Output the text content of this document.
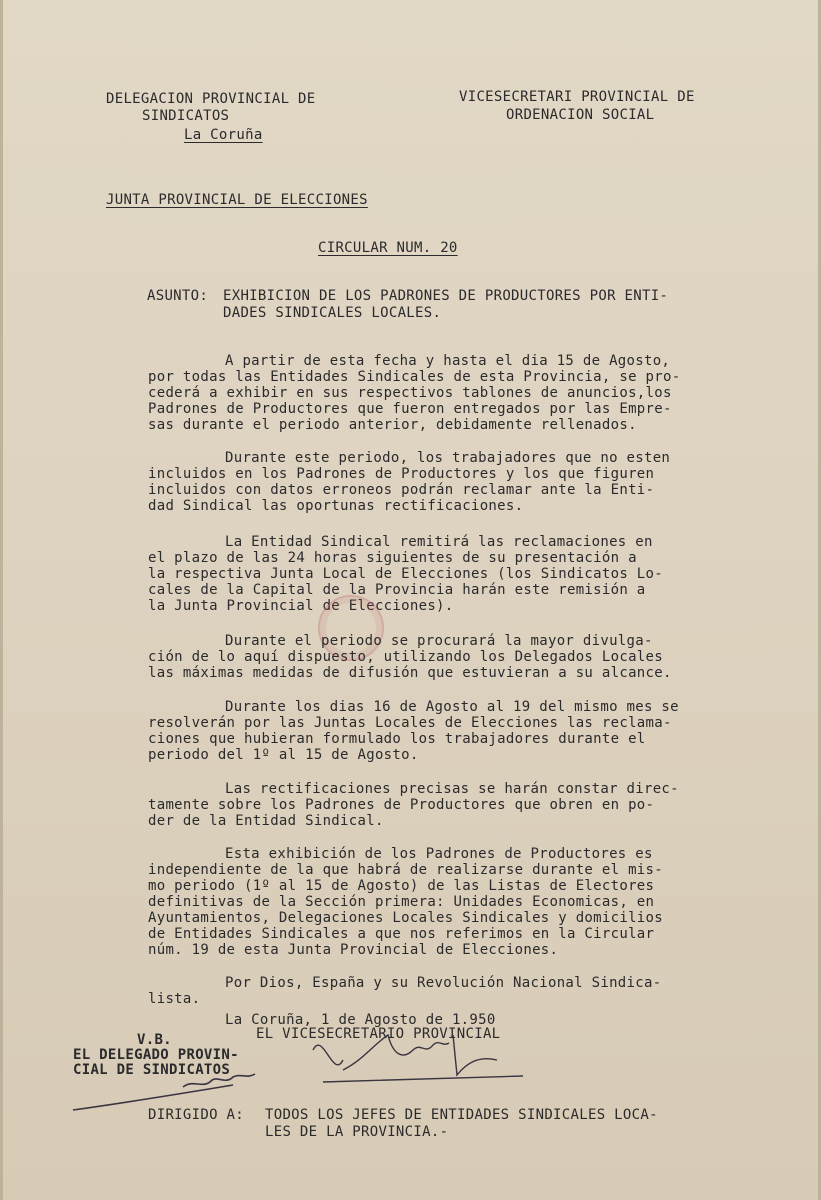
DELEGACION PROVINCIAL DE
SINDICATOS
La Coruña
VICESECRETARI PROVINCIAL DE
ORDENACION SOCIAL
JUNTA PROVINCIAL DE ELECCIONES
CIRCULAR NUM. 20
ASUNTO: EXHIBICION DE LOS PADRONES DE PRODUCTORES POR ENTI-
DADES SINDICALES LOCALES.
A partir de esta fecha y hasta el dia 15 de Agosto,
por todas las Entidades Sindicales de esta Provincia, se pro-
cederá a exhibir en sus respectivos tablones de anuncios,los
Padrones de Productores que fueron entregados por las Empre-
sas durante el periodo anterior, debidamente rellenados.
Durante este periodo, los trabajadores que no esten
incluidos en los Padrones de Productores y los que figuren
incluidos con datos erroneos podrán reclamar ante la Enti-
dad Sindical las oportunas rectificaciones.
La Entidad Sindical remitirá las reclamaciones en
el plazo de las 24 horas siguientes de su presentación a
la respectiva Junta Local de Elecciones (los Sindicatos Lo-
cales de la Capital de la Provincia harán este remisión a
la Junta Provincial de Elecciones).
Durante el periodo se procurará la mayor divulga-
ción de lo aquí dispuesto, utilizando los Delegados Locales
las máximas medidas de difusión que estuvieran a su alcance.
Durante los dias 16 de Agosto al 19 del mismo mes se
resolverán por las Juntas Locales de Elecciones las reclama-
ciones que hubieran formulado los trabajadores durante el
periodo del 1º al 15 de Agosto.
Las rectificaciones precisas se harán constar direc-
tamente sobre los Padrones de Productores que obren en po-
der de la Entidad Sindical.
Esta exhibición de los Padrones de Productores es
independiente de la que habrá de realizarse durante el mis-
mo periodo (1º al 15 de Agosto) de las Listas de Electores
definitivas de la Sección primera: Unidades Economicas, en
Ayuntamientos, Delegaciones Locales Sindicales y domicilios
de Entidades Sindicales a que nos referimos en la Circular
núm. 19 de esta Junta Provincial de Elecciones.
Por Dios, España y su Revolución Nacional Sindica-
lista.
La Coruña, 1 de Agosto de 1.950
EL VICESECRETARIO PROVINCIAL
V.B.
EL DELEGADO PROVIN-
CIAL DE SINDICATOS
DIRIGIDO A: TODOS LOS JEFES DE ENTIDADES SINDICALES LOCA-
LES DE LA PROVINCIA.-
